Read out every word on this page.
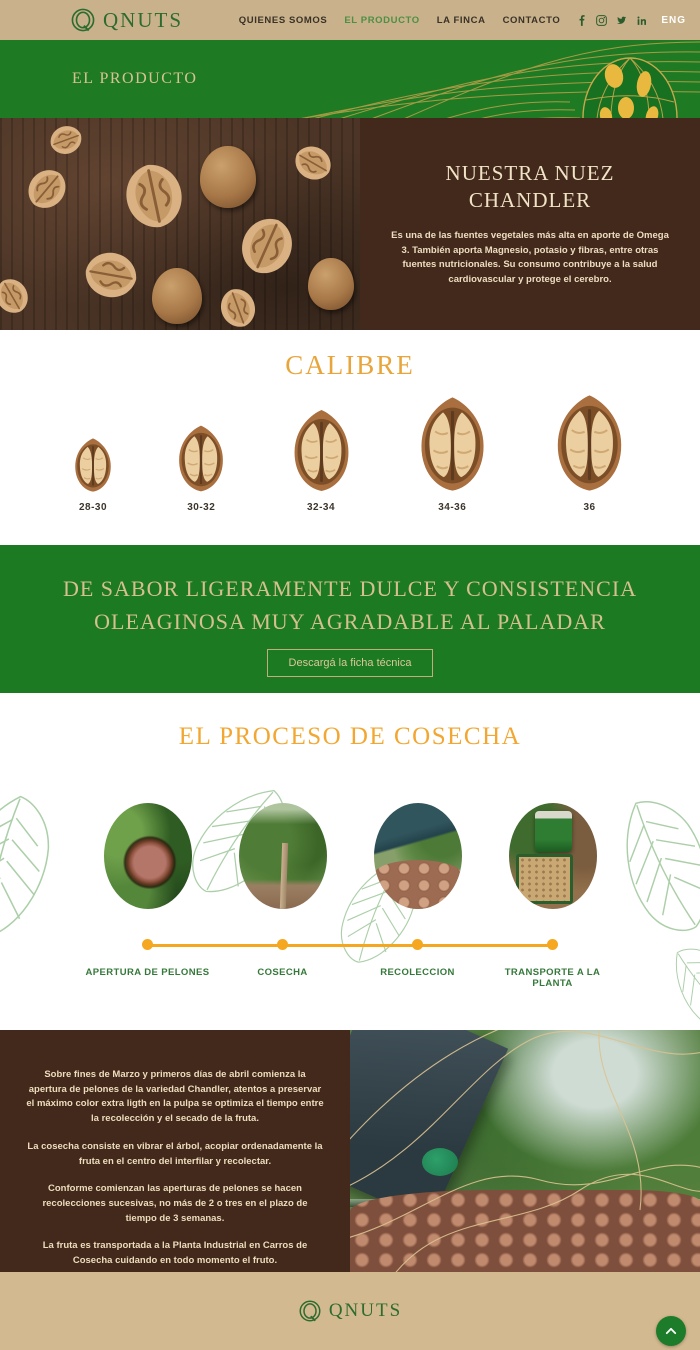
QNUTS	QUIENES SOMOS EL PRODUCTO LA FINCA CONTACTO	ENG
EL PRODUCTO
NUESTRA NUEZ CHANDLER
Es una de las fuentes vegetales más alta en aporte de Omega 3. También aporta Magnesio, potasio y fibras, entre otras fuentes nutricionales. Su consumo contribuye a la salud cardiovascular y protege el cerebro.
CALIBRE
28-30	30-32	32-34	34-36	36
DE SABOR LIGERAMENTE DULCE Y CONSISTENCIA
OLEAGINOSA MUY AGRADABLE AL PALADAR
Descargá la ficha técnica
EL PROCESO DE COSECHA
APERTURA DE PELONES	COSECHA	RECOLECCION	TRANSPORTE A LA PLANTA

Sobre fines de Marzo y primeros días de abril comienza la apertura de pelones de la variedad Chandler, atentos a preservar el máximo color extra ligth en la pulpa se optimiza el tiempo entre la recolección y el secado de la fruta.

La cosecha consiste en vibrar el árbol, acopiar ordenadamente la fruta en el centro del interfilar y recolectar.

Conforme comienzan las aperturas de pelones se hacen recolecciones sucesivas, no más de 2 o tres en el plazo de tiempo de 3 semanas.

La fruta es transportada a la Planta Industrial en Carros de Cosecha cuidando en todo momento el fruto.

QNUTS
